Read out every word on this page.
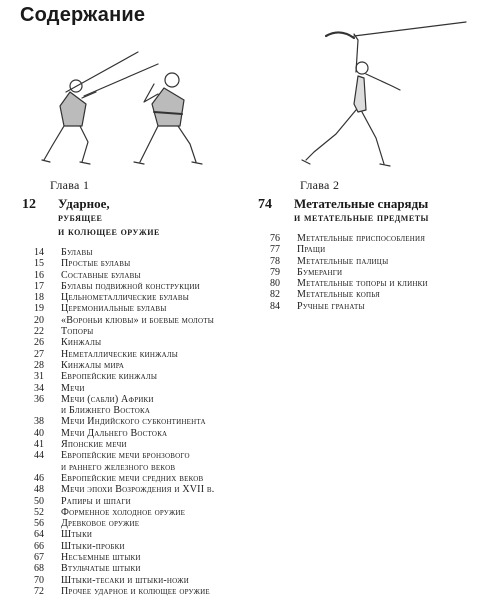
Содержание
Глава 1	Глава 2
12	Ударное,
рубящее
и колющее оружие
14	Булавы
15	Простые булавы
16	Составные булавы
17	Булавы подвижной конструкции
18	Цельнометаллические булавы
19	Церемониальные булавы
20	«Вороньи клювы» и боевые молоты
22	Топоры
26	Кинжалы
27	Неметаллические кинжалы
28	Кинжалы мира
31	Европейские кинжалы
34	Мечи
36	Мечи (сабли) Африки
и Ближнего Востока
38	Мечи Индийского субконтинента
40	Мечи Дальнего Востока
41	Японские мечи
44	Европейские мечи бронзового
и раннего железного веков
46	Европейские мечи средних веков
48	Мечи эпохи Возрождения и XVII в.
50	Рапиры и шпаги
52	Форменное холодное оружие
56	Древковое оружие
64	Штыки
66	Штыки-пробки
67	Несъемные штыки
68	Втульчатые штыки
70	Штыки-тесаки и штыки-ножи
72	Прочее ударное и колющее оружие
74	Метательные снаряды
и метательные предметы
76	Метательные приспособления
77	Пращи
78	Метательные палицы
79	Бумеранги
80	Метательные топоры и клинки
82	Метательные копья
84	Ручные гранаты
